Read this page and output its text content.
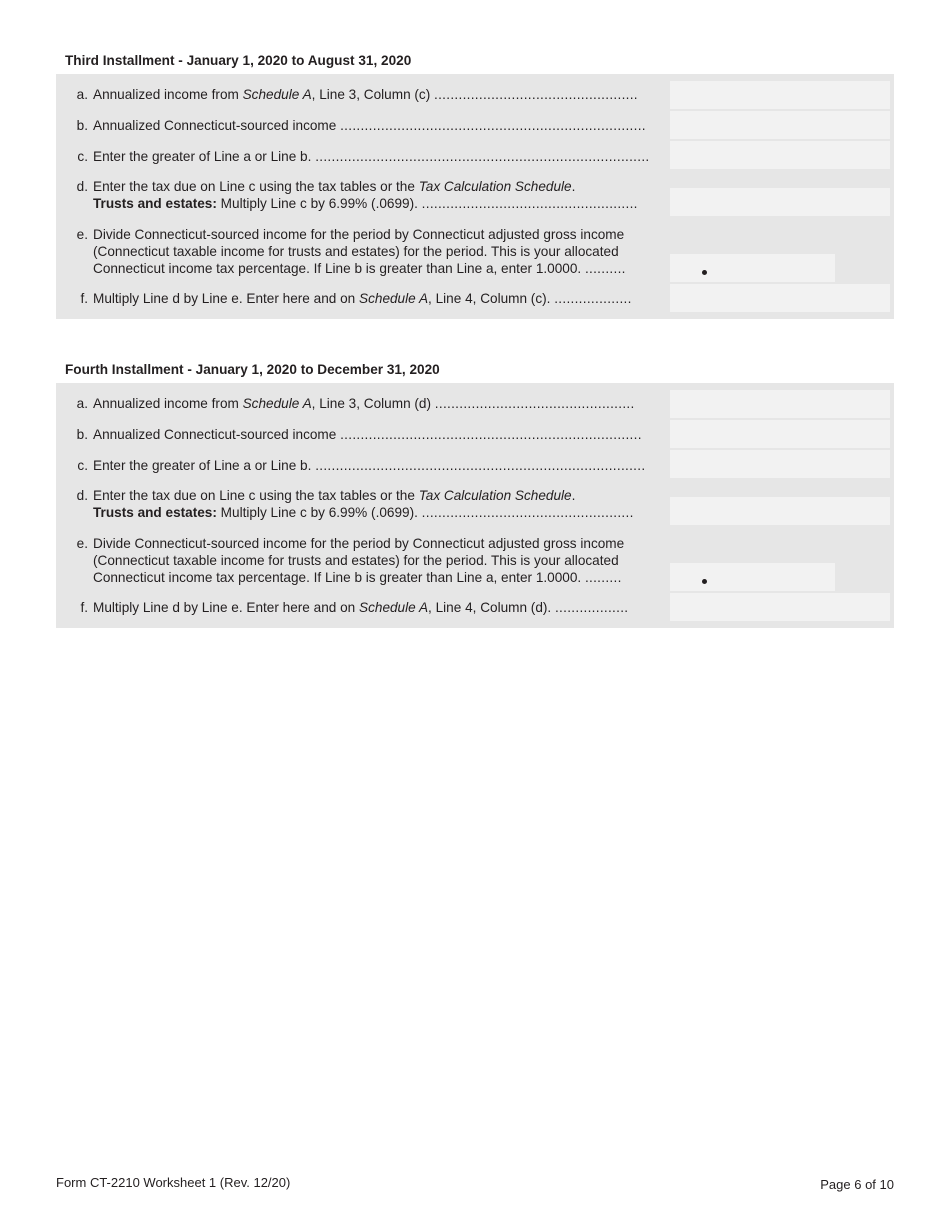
Third Installment - January 1, 2020 to August 31, 2020
a. Annualized income from Schedule A, Line 3, Column (c) ..................................................
b. Annualized Connecticut-sourced income ...........................................................................
c. Enter the greater of Line a or Line b. ..................................................................................
d. Enter the tax due on Line c using the tax tables or the Tax Calculation Schedule.
Trusts and estates: Multiply Line c by 6.99% (.0699). .....................................................
e. Divide Connecticut-sourced income for the period by Connecticut adjusted gross income
(Connecticut taxable income for trusts and estates) for the period. This is your allocated
Connecticut income tax percentage. If Line b is greater than Line a, enter 1.0000. ..........
f. Multiply Line d by Line e. Enter here and on Schedule A, Line 4, Column (c). ...................
Fourth Installment - January 1, 2020 to December 31, 2020
a. Annualized income from Schedule A, Line 3, Column (d) .................................................
b. Annualized Connecticut-sourced income ..........................................................................
c. Enter the greater of Line a or Line b. .................................................................................
d. Enter the tax due on Line c using the tax tables or the Tax Calculation Schedule.
Trusts and estates: Multiply Line c by 6.99% (.0699). ....................................................
e. Divide Connecticut-sourced income for the period by Connecticut adjusted gross income
(Connecticut taxable income for trusts and estates) for the period. This is your allocated
Connecticut income tax percentage. If Line b is greater than Line a, enter 1.0000. .........
f. Multiply Line d by Line e. Enter here and on Schedule A, Line 4, Column (d). ..................
Form CT-2210 Worksheet 1 (Rev. 12/20)	Page 6 of 10
